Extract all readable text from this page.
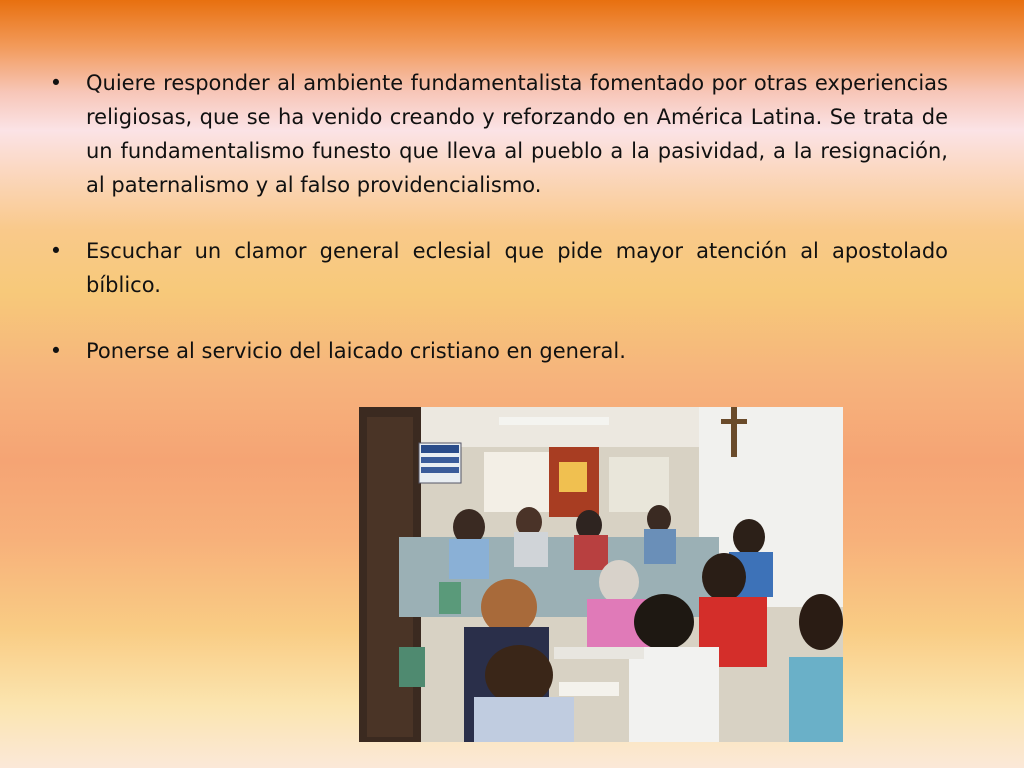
• Quiere responder al ambiente fundamentalista fomentado por otras experiencias religiosas, que se ha venido creando y reforzando en América Latina. Se trata de un fundamentalismo funesto que lleva al pueblo a la pasividad, a la resignación, al paternalismo y al falso providencialismo.
• Escuchar un clamor general eclesial que pide mayor atención al apostolado bíblico.
• Ponerse al servicio del laicado cristiano en general.
